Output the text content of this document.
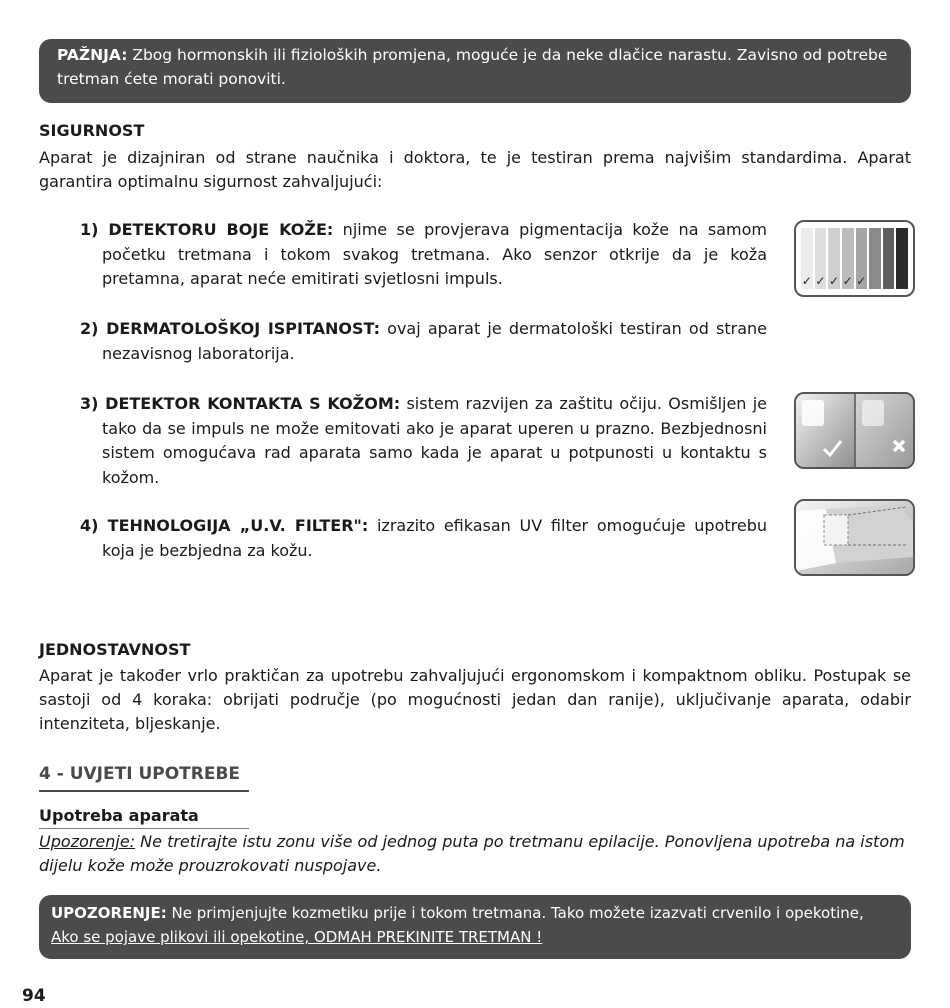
PAŽNJA: Zbog hormonskih ili fizioloških promjena, moguće je da neke dlačice narastu. Zavisno od potrebe tretman ćete morati ponoviti.
SIGURNOST
Aparat je dizajniran od strane naučnika i doktora, te je testiran prema najvišim standardima. Aparat garantira optimalnu sigurnost zahvaljujući:
1) DETEKTORU BOJE KOŽE: njime se provjerava pigmentacija kože na samom početku tretmana i tokom svakog tretmana. Ako senzor otkrije da je koža pretamna, aparat neće emitirati svjetlosni impuls.	✓ ✓ ✓ ✓ ✓
2) DERMATOLOŠKOJ ISPITANOST: ovaj aparat je dermatološki testiran od strane nezavisnog laboratorija.
3) DETEKTOR KONTAKTA S KOŽOM: sistem razvijen za zaštitu očiju. Osmišljen je tako da se impuls ne može emitovati ako je aparat uperen u prazno. Bezbjednosni sistem omogućava rad aparata samo kada je aparat u potpunosti u kontaktu s kožom.
4) TEHNOLOGIJA „U.V. FILTER": izrazito efikasan UV filter omogućuje upotrebu koja je bezbjedna za kožu.
JEDNOSTAVNOST
Aparat je također vrlo praktičan za upotrebu zahvaljujući ergonomskom i kompaktnom obliku. Postupak se sastoji od 4 koraka: obrijati područje (po mogućnosti jedan dan ranije), uključivanje aparata, odabir intenziteta, bljeskanje.
4 - UVJETI UPOTREBE
Upotreba aparata
Upozorenje: Ne tretirajte istu zonu više od jednog puta po tretmanu epilacije. Ponovljena upotreba na istom dijelu kože može prouzrokovati nuspojave.
UPOZORENJE: Ne primjenjujte kozmetiku prije i tokom tretmana. Tako možete izazvati crvenilo i opekotine,
Ako se pojave plikovi ili opekotine, ODMAH PREKINITE TRETMAN !
94
